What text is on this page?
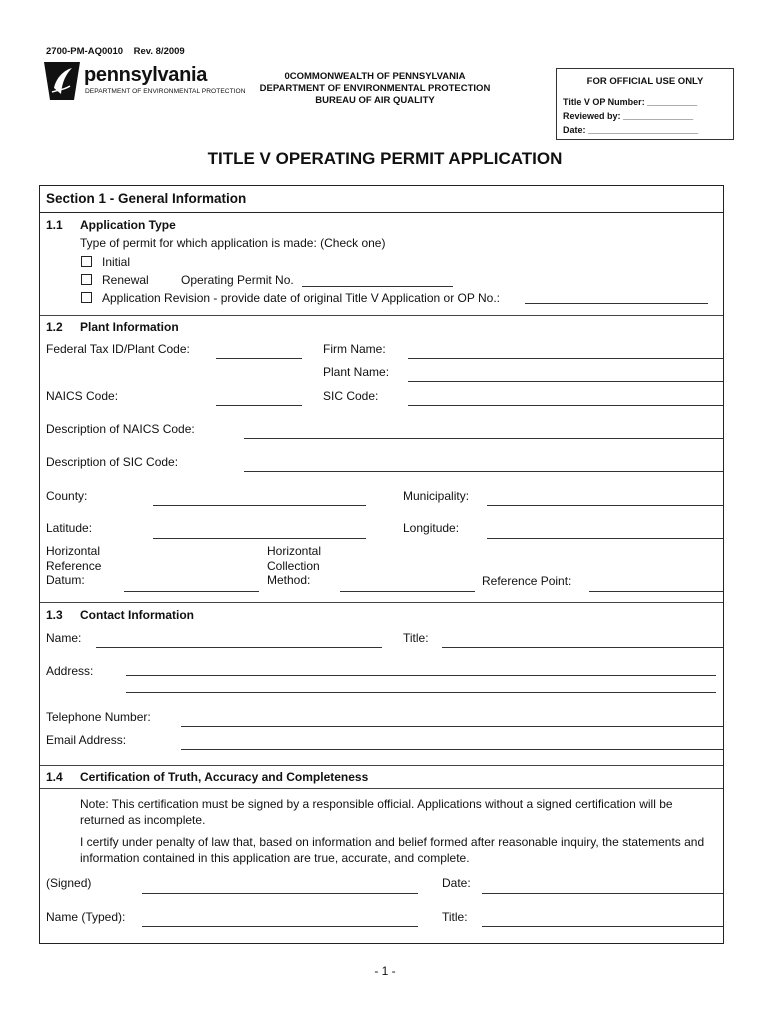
2700-PM-AQ0010    Rev. 8/2009
pennsylvania
DEPARTMENT OF ENVIRONMENTAL PROTECTION
0COMMONWEALTH OF PENNSYLVANIA
DEPARTMENT OF ENVIRONMENTAL PROTECTION
BUREAU OF AIR QUALITY
FOR OFFICIAL USE ONLY
Title V OP Number: __________
Reviewed by: ______________
Date: ______________________
TITLE V OPERATING PERMIT APPLICATION
Section 1 - General Information
1.1 Application Type
Type of permit for which application is made: (Check one)
Initial
Renewal	Operating Permit No.
Application Revision - provide date of original Title V Application or OP No.:
1.2 Plant Information
Federal Tax ID/Plant Code:	Firm Name:
Plant Name:
NAICS Code:	SIC Code:
Description of NAICS Code:
Description of SIC Code:
County:	Municipality:
Latitude:	Longitude:
Horizontal
Reference
Datum:
Horizontal
Collection
Method:	Reference Point:
1.3 Contact Information
Name:	Title:
Address:
Telephone Number:
Email Address:
1.4 Certification of Truth, Accuracy and Completeness
Note: This certification must be signed by a responsible official. Applications without a signed certification will be returned as incomplete.
I certify under penalty of law that, based on information and belief formed after reasonable inquiry, the statements and information contained in this application are true, accurate, and complete.
(Signed)	Date:
Name (Typed):	Title:
- 1 -
